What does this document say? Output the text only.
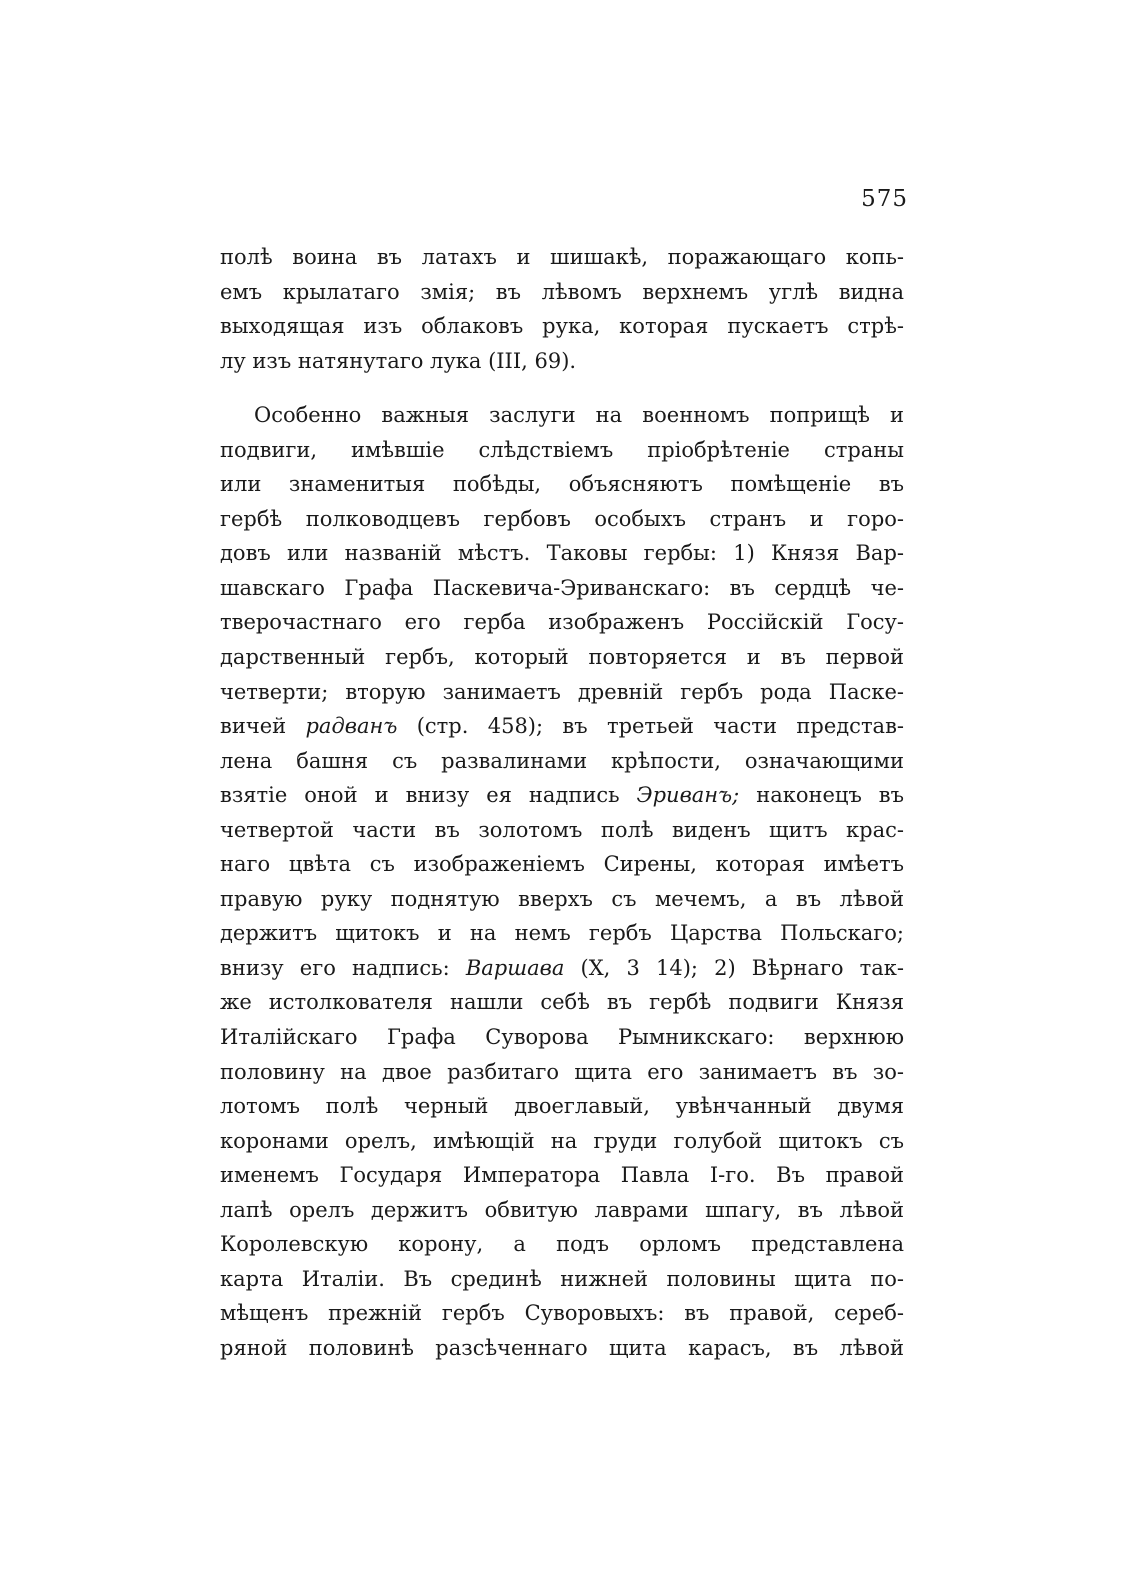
575
полѣ воина въ латахъ и шишакѣ, поражающаго копь-
емъ крылатаго змія; въ лѣвомъ верхнемъ углѣ видна
выходящая изъ облаковъ рука, которая пускаетъ стрѣ-
лу изъ натянутаго лука (III, 69).
Особенно важныя заслуги на военномъ поприщѣ и
подвиги, имѣвшіе слѣдствіемъ пріобрѣтеніе страны
или знаменитыя побѣды, объясняютъ помѣщеніе въ
гербѣ полководцевъ гербовъ особыхъ странъ и горо-
довъ или названій мѣстъ. Таковы гербы: 1) Князя Вар-
шавскаго Графа Паскевича-Эриванскаго: въ сердцѣ че-
тверочастнаго его герба изображенъ Россійскій Госу-
дарственный гербъ, который повторяется и въ первой
четверти; вторую занимаетъ древній гербъ рода Паске-
вичей радванъ (стр. 458); въ третьей части представ-
лена башня съ развалинами крѣпости, означающими
взятіе оной и внизу ея надпись Эриванъ; наконецъ въ
четвертой части въ золотомъ полѣ виденъ щитъ крас-
наго цвѣта съ изображеніемъ Сирены, которая имѣетъ
правую руку поднятую вверхъ съ мечемъ, а въ лѣвой
держитъ щитокъ и на немъ гербъ Царства Польскаго;
внизу его надпись: Варшава (X, 3 14); 2) Вѣрнаго так-
же истолкователя нашли себѣ въ гербѣ подвиги Князя
Италійскаго Графа Суворова Рымникскаго: верхнюю
половину на двое разбитаго щита его занимаетъ въ зо-
лотомъ полѣ черный двоеглавый, увѣнчанный двумя
коронами орелъ, имѣющій на груди голубой щитокъ съ
именемъ Государя Императора Павла I-го. Въ правой
лапѣ орелъ держитъ обвитую лаврами шпагу, въ лѣвой
Королевскую корону, а подъ орломъ представлена
карта Италіи. Въ срединѣ нижней половины щита по-
мѣщенъ прежній гербъ Суворовыхъ: въ правой, сереб-
ряной половинѣ разсѣченнаго щита карасъ, въ лѣвой
